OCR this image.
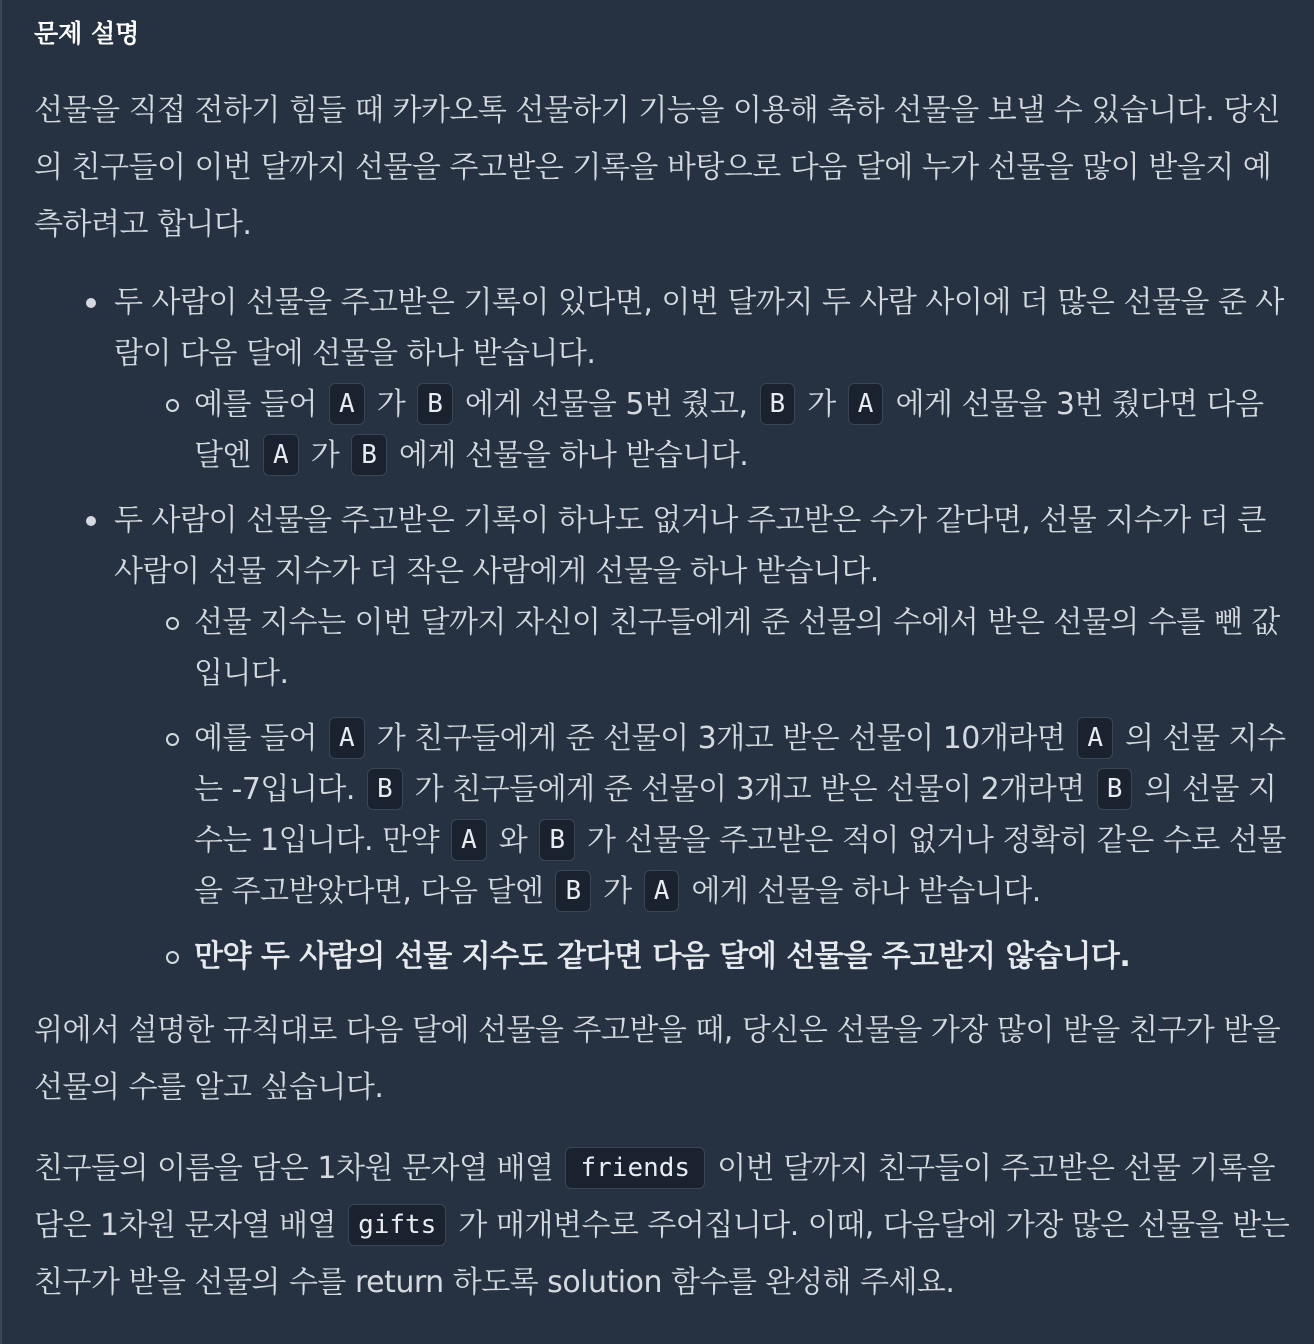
문제 설명

선물을 직접 전하기 힘들 때 카카오톡 선물하기 기능을 이용해 축하 선물을 보낼 수 있습니다. 당신의 친구들이 이번 달까지 선물을 주고받은 기록을 바탕으로 다음 달에 누가 선물을 많이 받을지 예측하려고 합니다.

두 사람이 선물을 주고받은 기록이 있다면, 이번 달까지 두 사람 사이에 더 많은 선물을 준 사람이 다음 달에 선물을 하나 받습니다.
예를 들어 A 가 B 에게 선물을 5번 줬고, B 가 A 에게 선물을 3번 줬다면 다음 달엔 A 가 B 에게 선물을 하나 받습니다.
두 사람이 선물을 주고받은 기록이 하나도 없거나 주고받은 수가 같다면, 선물 지수가 더 큰 사람이 선물 지수가 더 작은 사람에게 선물을 하나 받습니다.
선물 지수는 이번 달까지 자신이 친구들에게 준 선물의 수에서 받은 선물의 수를 뺀 값입니다.
예를 들어 A 가 친구들에게 준 선물이 3개고 받은 선물이 10개라면 A 의 선물 지수는 -7입니다. B 가 친구들에게 준 선물이 3개고 받은 선물이 2개라면 B 의 선물 지수는 1입니다. 만약 A 와 B 가 선물을 주고받은 적이 없거나 정확히 같은 수로 선물을 주고받았다면, 다음 달엔 B 가 A 에게 선물을 하나 받습니다.
만약 두 사람의 선물 지수도 같다면 다음 달에 선물을 주고받지 않습니다.

위에서 설명한 규칙대로 다음 달에 선물을 주고받을 때, 당신은 선물을 가장 많이 받을 친구가 받을 선물의 수를 알고 싶습니다.

친구들의 이름을 담은 1차원 문자열 배열 friends 이번 달까지 친구들이 주고받은 선물 기록을 담은 1차원 문자열 배열 gifts 가 매개변수로 주어집니다. 이때, 다음달에 가장 많은 선물을 받는 친구가 받을 선물의 수를 return 하도록 solution 함수를 완성해 주세요.
